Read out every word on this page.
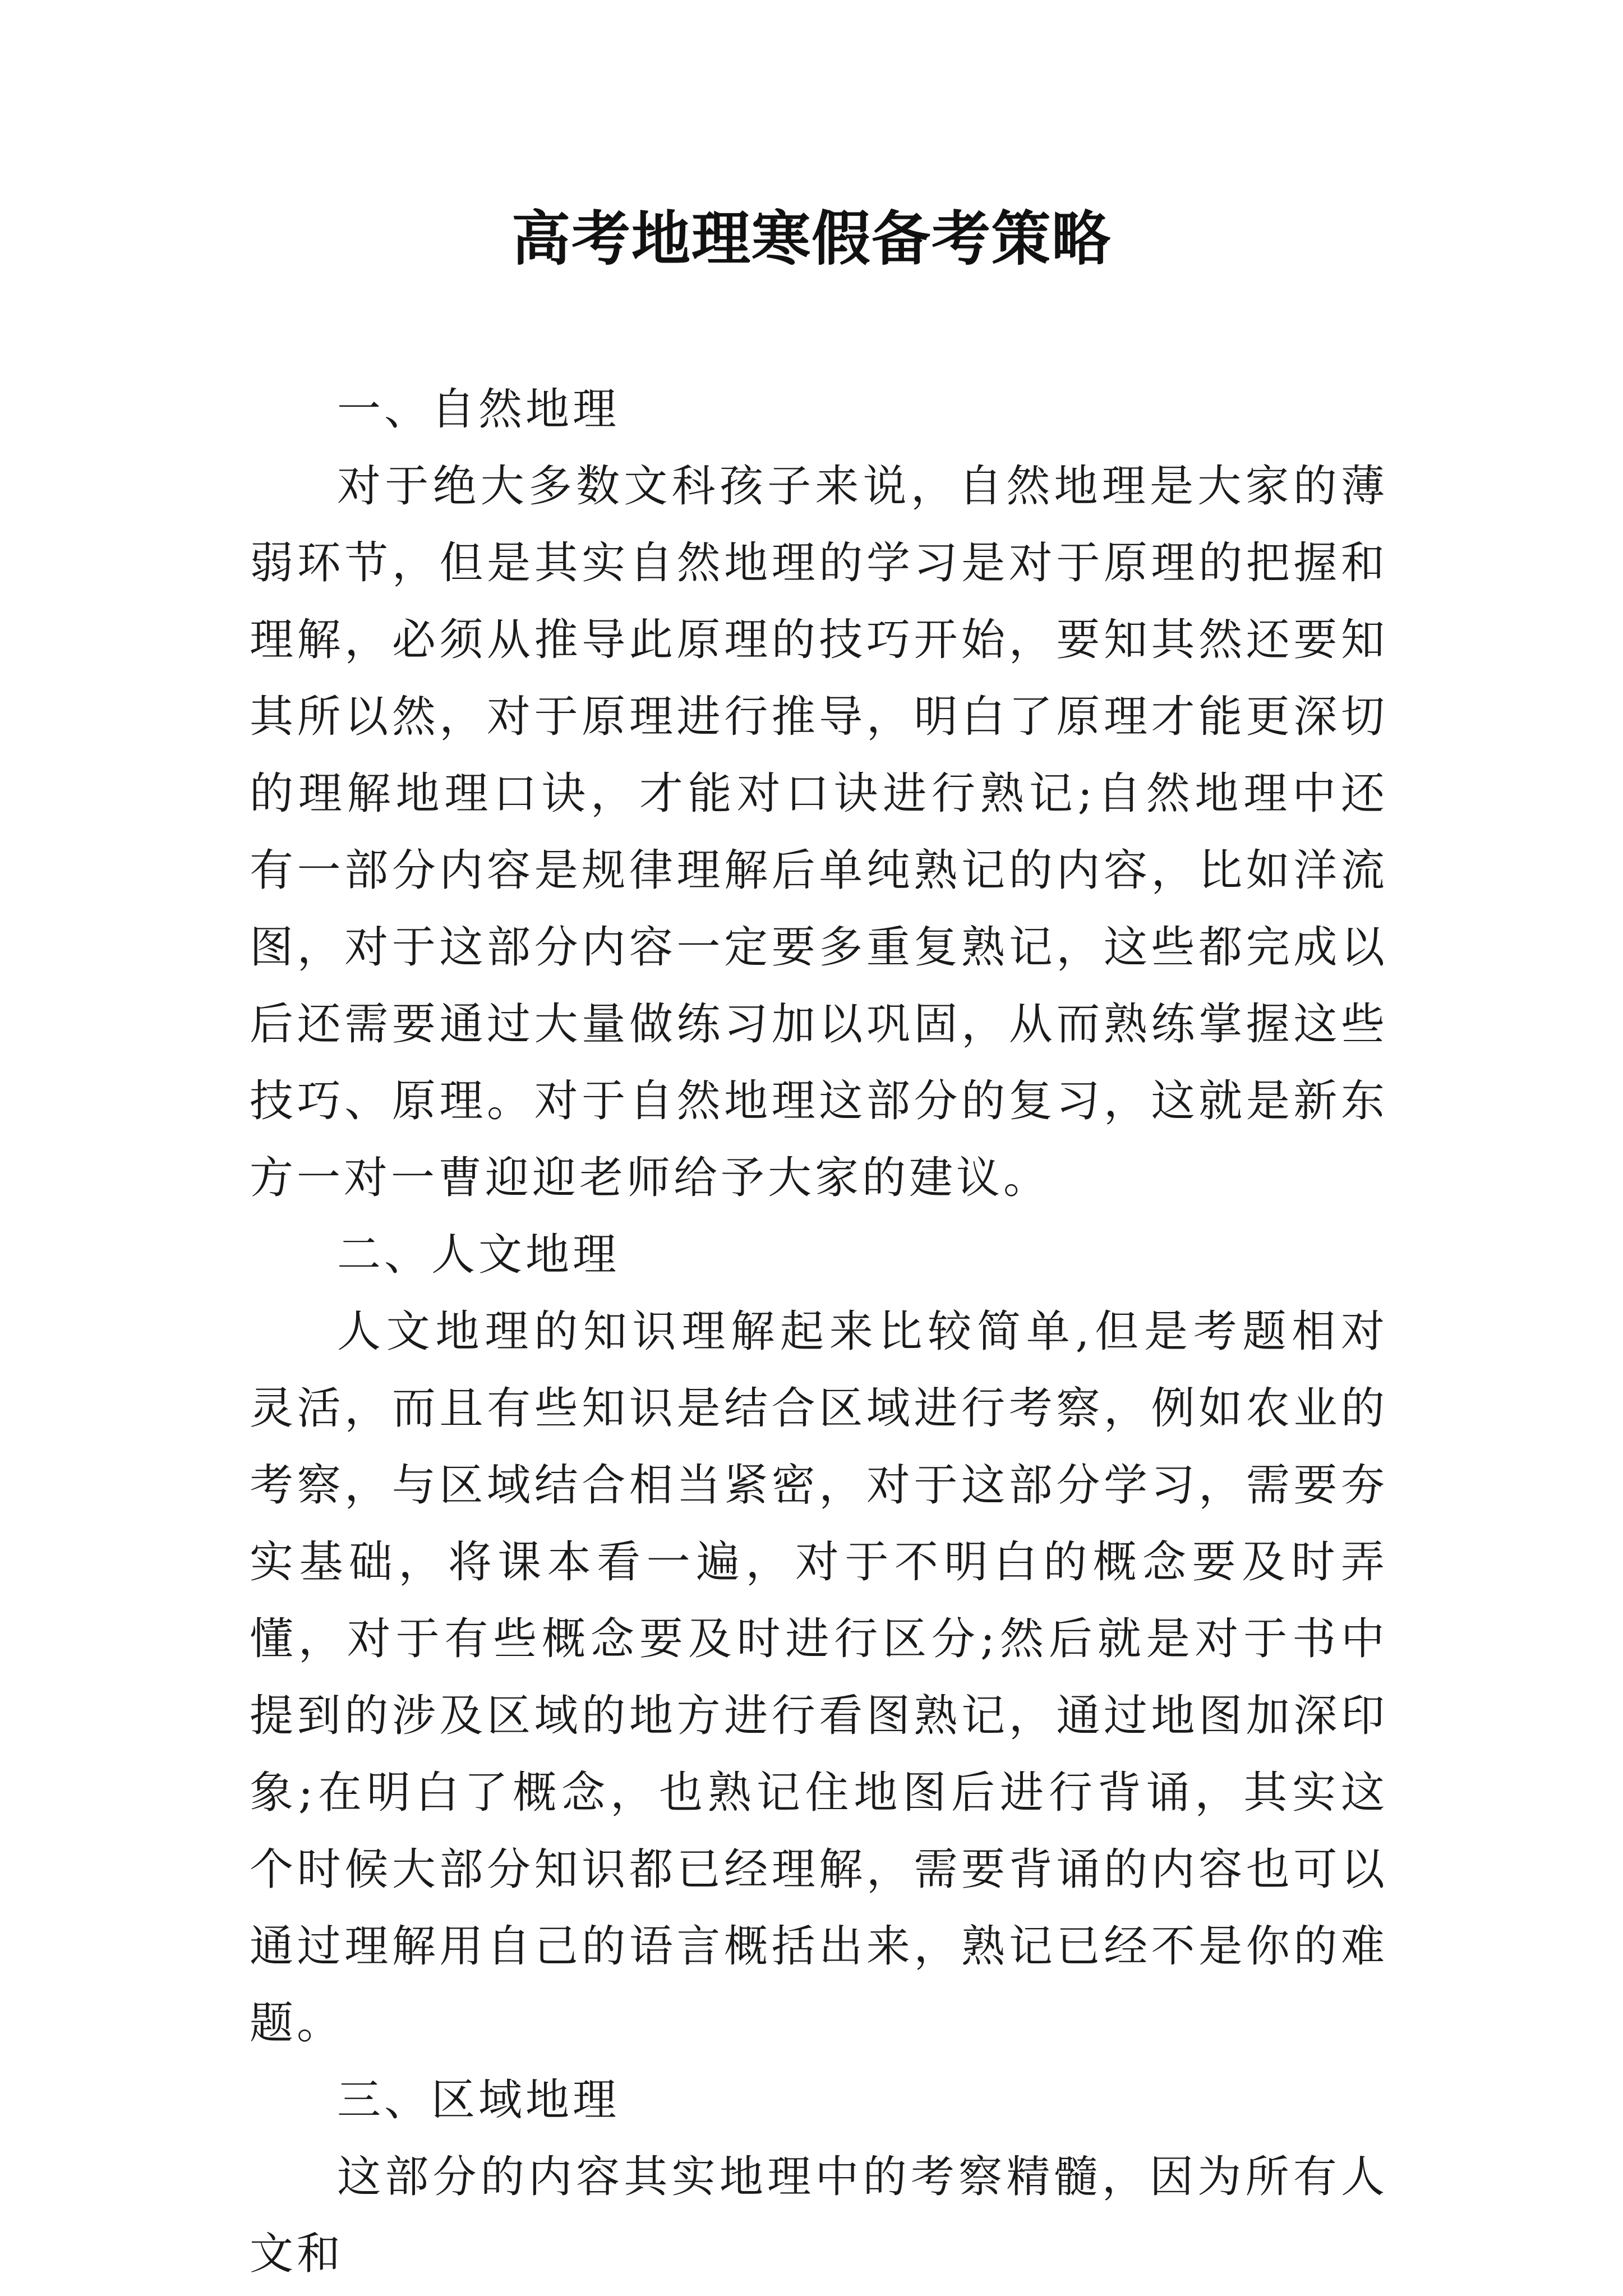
高考地理寒假备考策略
一、自然地理

对于绝大多数文科孩子来说，自然地理是大家的薄弱环节，但是其实自然地理的学习是对于原理的把握和理解，必须从推导此原理的技巧开始，要知其然还要知其所以然，对于原理进行推导，明白了原理才能更深切的理解地理口诀，才能对口诀进行熟记;自然地理中还有一部分内容是规律理解后单纯熟记的内容，比如洋流图，对于这部分内容一定要多重复熟记，这些都完成以后还需要通过大量做练习加以巩固，从而熟练掌握这些技巧、原理。对于自然地理这部分的复习，这就是新东方一对一曹迎迎老师给予大家的建议。

二、人文地理

人文地理的知识理解起来比较简单,但是考题相对灵活，而且有些知识是结合区域进行考察，例如农业的考察，与区域结合相当紧密，对于这部分学习，需要夯实基础，将课本看一遍，对于不明白的概念要及时弄懂，对于有些概念要及时进行区分;然后就是对于书中提到的涉及区域的地方进行看图熟记，通过地图加深印象;在明白了概念，也熟记住地图后进行背诵，其实这个时候大部分知识都已经理解，需要背诵的内容也可以通过理解用自己的语言概括出来，熟记已经不是你的难题。

三、区域地理

这部分的内容其实地理中的考察精髓，因为所有人文和
